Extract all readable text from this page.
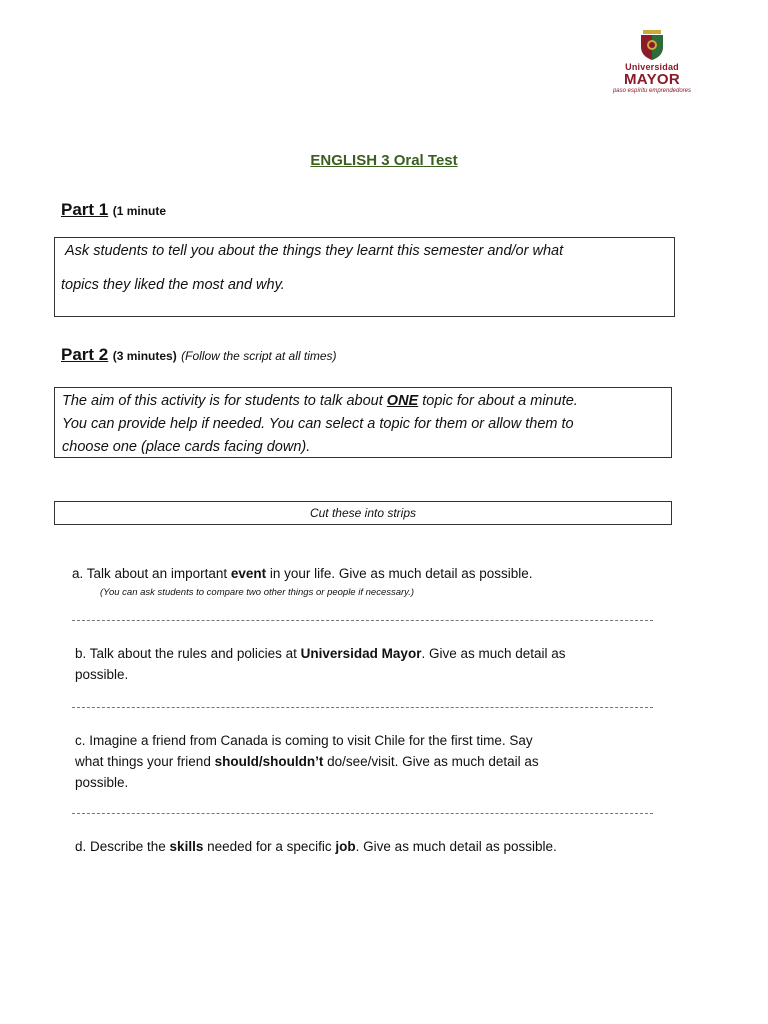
Universidad
MAYOR
paso espíritu emprendedores
ENGLISH 3 Oral Test
Part 1 (1 minute
Ask students to tell you about the things they learnt this semester and/or what
topics they liked the most and why.
Part 2 (3 minutes) (Follow the script at all times)
The aim of this activity is for students to talk about ONE topic for about a minute.
You can provide help if needed. You can select a topic for them or allow them to
choose one (place cards facing down).
Cut these into strips
a. Talk about an important event in your life. Give as much detail as possible.
(You can ask students to compare two other things or people if necessary.)
b. Talk about the rules and policies at Universidad Mayor. Give as much detail as
possible.
c. Imagine a friend from Canada is coming to visit Chile for the first time. Say
what things your friend should/shouldn’t do/see/visit. Give as much detail as
possible.
d. Describe the skills needed for a specific job. Give as much detail as possible.
